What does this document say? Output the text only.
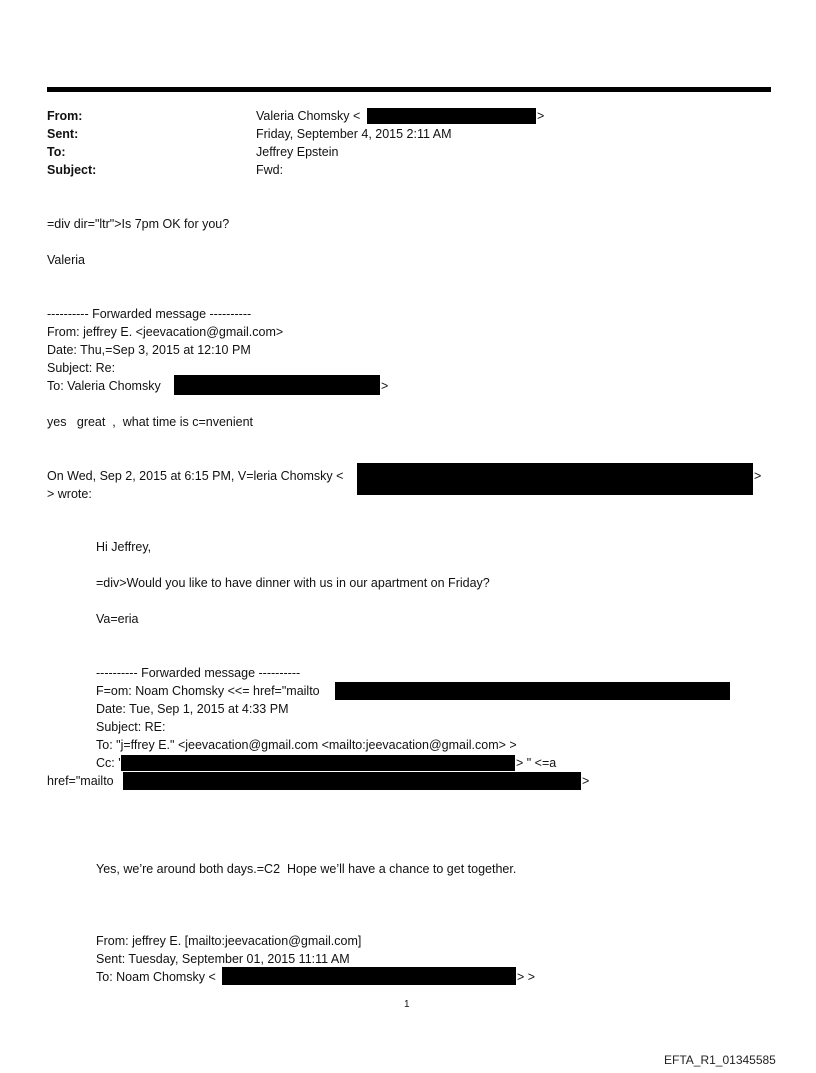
From:	Valeria Chomsky <	>
Sent:	Friday, September 4, 2015 2:11 AM
To:	Jeffrey Epstein
Subject:	Fwd:
=div dir="ltr">Is 7pm OK for you?
Valeria
---------- Forwarded message ----------
From: jeffrey E. <jeevacation@gmail.com>
Date: Thu,=Sep 3, 2015 at 12:10 PM
Subject: Re:
To: Valeria Chomsky	>
yes   great  ,  what time is c=nvenient
On Wed, Sep 2, 2015 at 6:15 PM, V=leria Chomsky <	>
> wrote:
Hi Jeffrey,
=div>Would you like to have dinner with us in our apartment on Friday?
Va=eria
---------- Forwarded message ----------
F=om: Noam Chomsky <<= href="mailto
Date: Tue, Sep 1, 2015 at 4:33 PM
Subject: RE:
To: "j=ffrey E." <jeevacation@gmail.com <mailto:jeevacation@gmail.com> >
Cc: '	> " <=a
href="mailto	>
Yes, we’re around both days.=C2  Hope we’ll have a chance to get together.
From: jeffrey E. [mailto:jeevacation@gmail.com]
Sent: Tuesday, September 01, 2015 11:11 AM
To: Noam Chomsky <	> >
1
EFTA_R1_01345585
